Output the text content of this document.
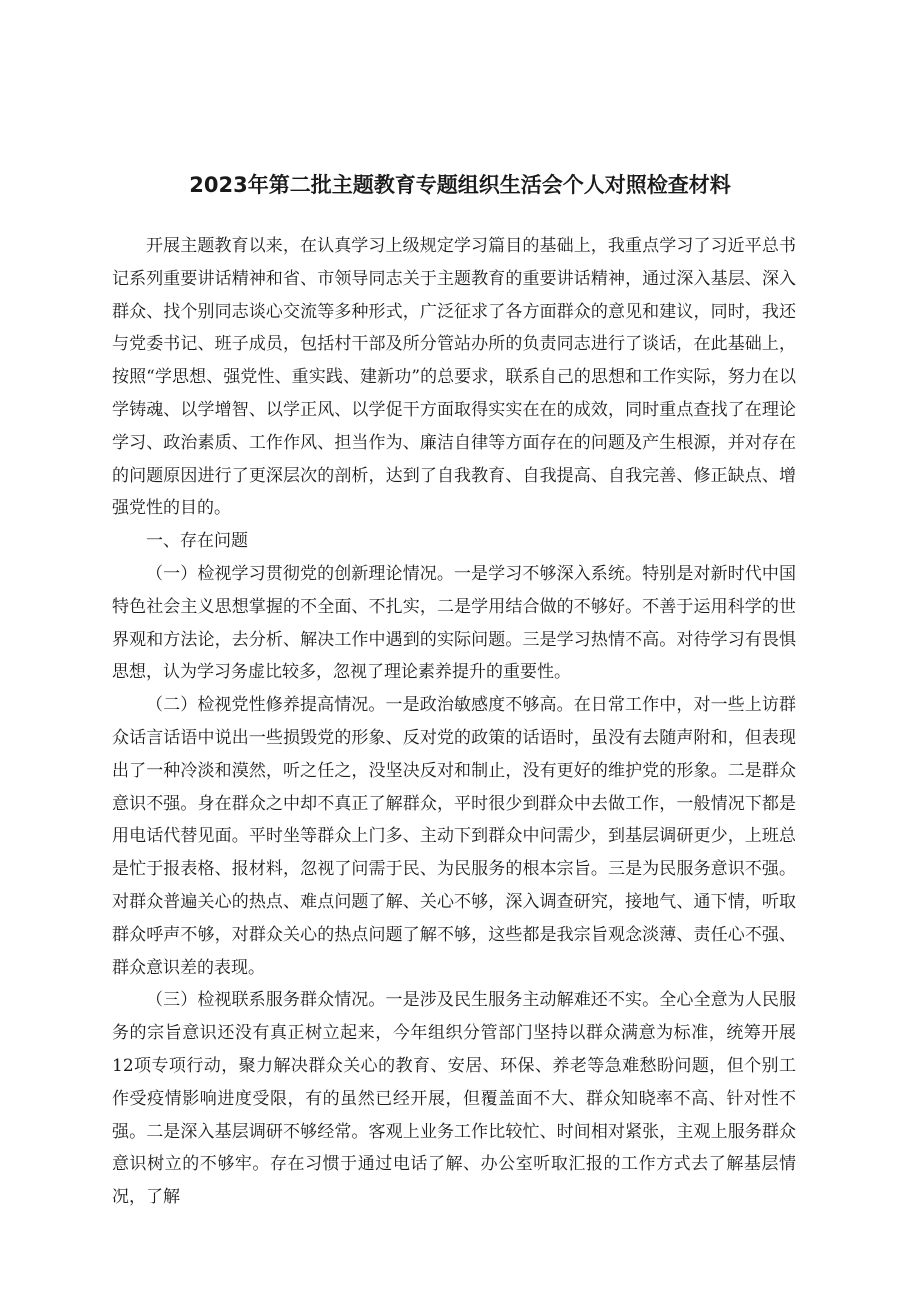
2023年第二批主题教育专题组织生活会个人对照检查材料

开展主题教育以来，在认真学习上级规定学习篇目的基础上，我重点学习了习近平总书记系列重要讲话精神和省、市领导同志关于主题教育的重要讲话精神，通过深入基层、深入群众、找个别同志谈心交流等多种形式，广泛征求了各方面群众的意见和建议，同时，我还与党委书记、班子成员，包括村干部及所分管站办所的负责同志进行了谈话，在此基础上，按照“学思想、强党性、重实践、建新功”的总要求，联系自己的思想和工作实际，努力在以学铸魂、以学增智、以学正风、以学促干方面取得实实在在的成效，同时重点查找了在理论学习、政治素质、工作作风、担当作为、廉洁自律等方面存在的问题及产生根源，并对存在的问题原因进行了更深层次的剖析，达到了自我教育、自我提高、自我完善、修正缺点、增强党性的目的。

一、存在问题

（一）检视学习贯彻党的创新理论情况。一是学习不够深入系统。特别是对新时代中国特色社会主义思想掌握的不全面、不扎实，二是学用结合做的不够好。不善于运用科学的世界观和方法论，去分析、解决工作中遇到的实际问题。三是学习热情不高。对待学习有畏惧思想，认为学习务虚比较多，忽视了理论素养提升的重要性。

（二）检视党性修养提高情况。一是政治敏感度不够高。在日常工作中，对一些上访群众话言话语中说出一些损毁党的形象、反对党的政策的话语时，虽没有去随声附和，但表现出了一种冷淡和漠然，听之任之，没坚决反对和制止，没有更好的维护党的形象。二是群众意识不强。身在群众之中却不真正了解群众，平时很少到群众中去做工作，一般情况下都是用电话代替见面。平时坐等群众上门多、主动下到群众中问需少，到基层调研更少，上班总是忙于报表格、报材料，忽视了问需于民、为民服务的根本宗旨。三是为民服务意识不强。对群众普遍关心的热点、难点问题了解、关心不够，深入调查研究，接地气、通下情，听取群众呼声不够，对群众关心的热点问题了解不够，这些都是我宗旨观念淡薄、责任心不强、群众意识差的表现。

（三）检视联系服务群众情况。一是涉及民生服务主动解难还不实。全心全意为人民服务的宗旨意识还没有真正树立起来，今年组织分管部门坚持以群众满意为标准，统筹开展12项专项行动，聚力解决群众关心的教育、安居、环保、养老等急难愁盼问题，但个别工作受疫情影响进度受限，有的虽然已经开展，但覆盖面不大、群众知晓率不高、针对性不强。二是深入基层调研不够经常。客观上业务工作比较忙、时间相对紧张，主观上服务群众意识树立的不够牢。存在习惯于通过电话了解、办公室听取汇报的工作方式去了解基层情况，了解
